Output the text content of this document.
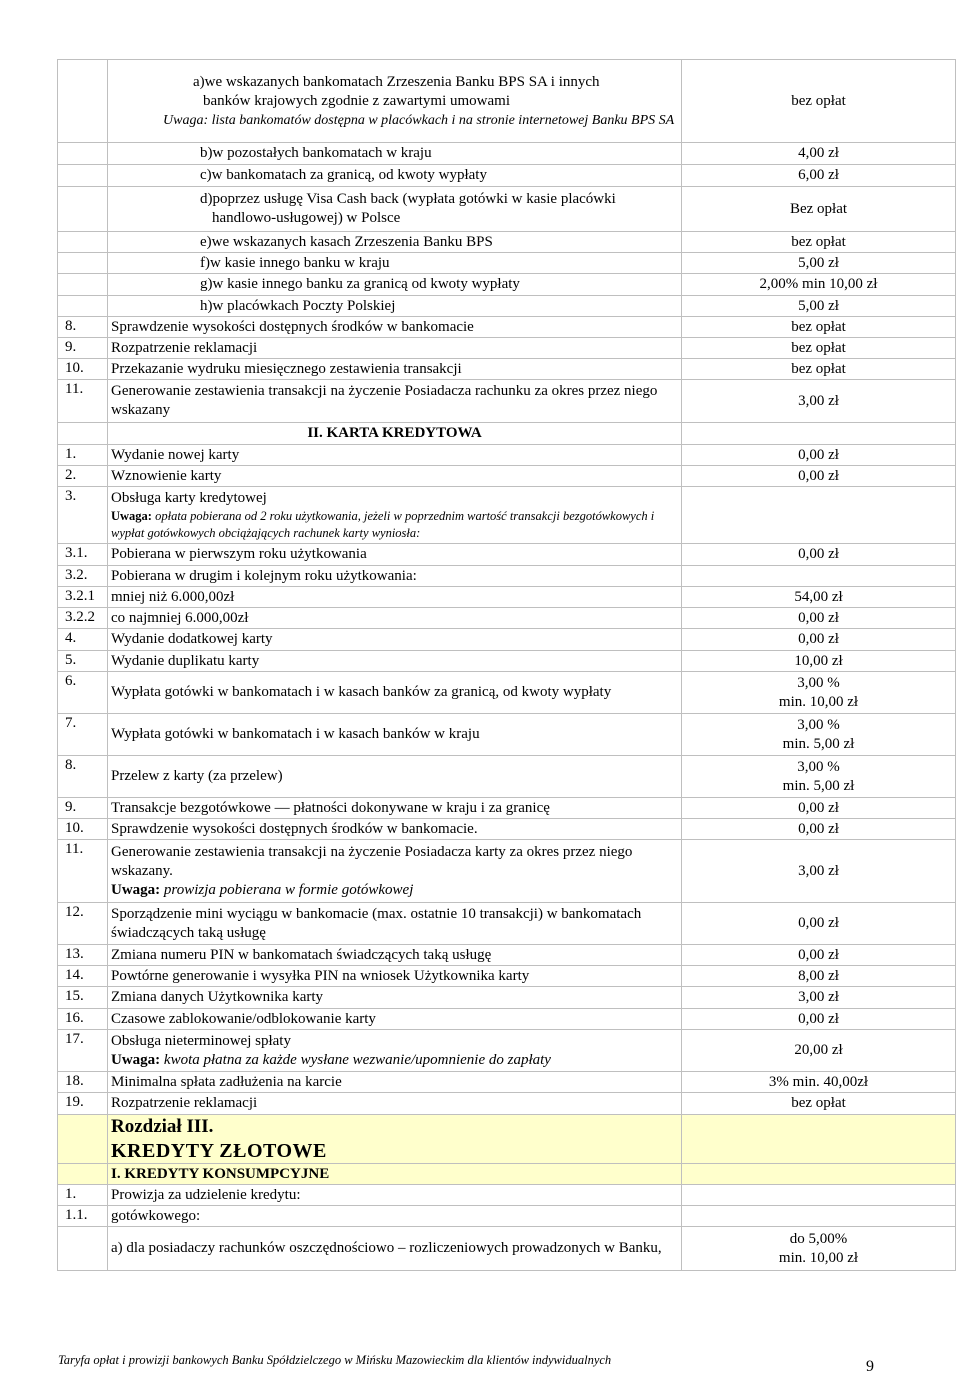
	a)we wskazanych bankomatach Zrzeszenia Banku BPS SA i innych
banków krajowych zgodnie z zawartymi umowami
Uwaga: lista bankomatów dostępna w placówkach i na stronie internetowej Banku BPS SA	bez opłat
	b)w pozostałych bankomatach w kraju	4,00 zł
	c)w bankomatach za granicą, od kwoty wypłaty	6,00 zł

	d)poprzez usługę Visa Cash back (wypłata gotówki w kasie placówki
handlowo-usługowej) w Polsce	Bez opłat
	e)we wskazanych kasach Zrzeszenia Banku BPS	bez opłat
	f)w kasie innego banku w kraju	5,00 zł
	g)w kasie innego banku za granicą od kwoty wypłaty	2,00% min 10,00 zł
	h)w placówkach Poczty Polskiej	5,00 zł
8.	Sprawdzenie wysokości dostępnych środków w bankomacie	bez opłat
9.	Rozpatrzenie reklamacji	bez opłat
10.	Przekazanie wydruku miesięcznego zestawienia transakcji	bez opłat
11.	Generowanie zestawienia transakcji na życzenie Posiadacza rachunku za okres przez niego wskazany	3,00 zł
	II. KARTA KREDYTOWA	
1.	Wydanie nowej karty	0,00 zł
2.	Wznowienie karty	0,00 zł
3.	Obsługa karty kredytowej
Uwaga: opłata pobierana od 2 roku użytkowania, jeżeli w poprzednim wartość transakcji bezgotówkowych i wypłat gotówkowych obciążających rachunek karty wyniosła:	

3.1.	Pobierana w pierwszym roku użytkowania	0,00 zł
3.2.	Pobierana w drugim i kolejnym roku użytkowania:	
3.2.1	mniej niż 6.000,00zł	54,00 zł
3.2.2	co najmniej 6.000,00zł	0,00 zł
4.	Wydanie dodatkowej karty	0,00 zł
5.	Wydanie duplikatu karty	10,00 zł
6.	Wypłata gotówki w bankomatach i w kasach banków za granicą, od kwoty wypłaty	3,00 %
min. 10,00 zł

7.	Wypłata gotówki w bankomatach i w kasach banków w kraju	3,00 %
min. 5,00 zł

8.	Przelew z karty (za przelew)	3,00 %
min. 5,00 zł

9.	Transakcje bezgotówkowe — płatności dokonywane w kraju i za granicę	0,00 zł
10.	Sprawdzenie wysokości dostępnych środków w bankomacie.	0,00 zł
11.	Generowanie zestawienia transakcji na życzenie Posiadacza karty za okres przez niego wskazany.
Uwaga: prowizja pobierana w formie gotówkowej	3,00 zł
12.	Sporządzenie mini wyciągu w bankomacie (max. ostatnie 10 transakcji) w bankomatach świadczących taką usługę	0,00 zł
13.	Zmiana numeru PIN w bankomatach świadczących taką usługę	0,00 zł
14.	Powtórne generowanie i wysyłka PIN na wniosek Użytkownika karty	8,00 zł
15.	Zmiana danych Użytkownika karty	3,00 zł
16.	Czasowe zablokowanie/odblokowanie karty	0,00 zł
17.	Obsługa nieterminowej spłaty
Uwaga: kwota płatna za każde wysłane wezwanie/upomnienie do zapłaty	20,00 zł
18.	Minimalna spłata zadłużenia na karcie	3% min. 40,00zł
19.	Rozpatrzenie reklamacji	bez opłat

	Rozdział III.
KREDYTY ZŁOTOWE	

	I. KREDYTY KONSUMPCYJNE	
1.	Prowizja za udzielenie kredytu:	
1.1.	gotówkowego:	
	a) dla posiadaczy rachunków oszczędnościowo – rozliczeniowych prowadzonych w Banku,	do 5,00%
min. 10,00 zł
Taryfa opłat i prowizji bankowych Banku Spółdzielczego w Mińsku Mazowieckim dla klientów indywidualnych	9
